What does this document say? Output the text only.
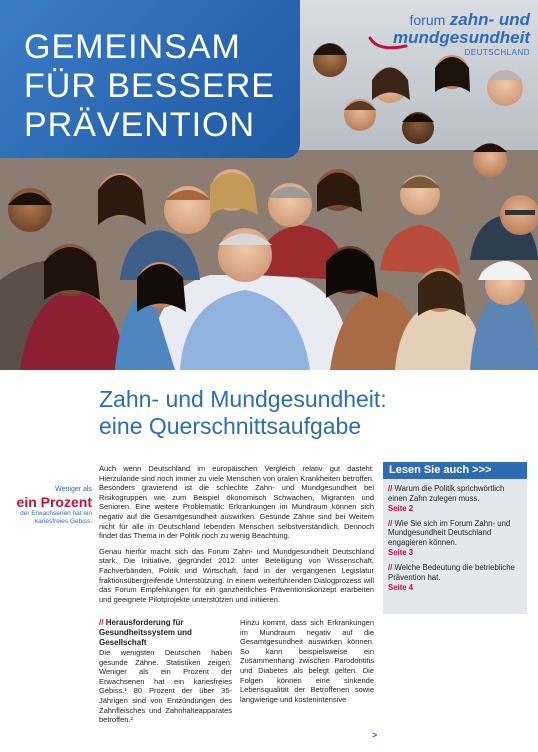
GEMEINSAM
FÜR BESSERE
PRÄVENTION
forum zahn- und
mundgesundheit
DEUTSCHLAND
Zahn- und Mundgesundheit:
eine Querschnittsaufgabe
Weniger als
ein Prozent
der Erwachsenen hat ein kariesfreies Gebiss.

Auch wenn Deutschland im europäischen Vergleich relativ gut dasteht: Hierzulande sind noch immer zu viele Menschen von oralen Krankheiten betroffen. Besonders gravierend ist die schlechte Zahn- und Mundgesundheit bei Risikogruppen wie zum Beispiel ökonomisch Schwachen, Migranten und Senioren. Eine weitere Problematik: Erkrankungen im Mundraum können sich negativ auf die Gesamtgesundheit auswirken. Gesunde Zähne sind bei Weitem nicht für alle in Deutschland lebenden Menschen selbstverständlich. Dennoch findet das Thema in der Politik noch zu wenig Beachtung.

Genau hierfür macht sich das Forum Zahn- und Mundgesundheit Deutschland stark. Die Initiative, gegründet 2012 unter Beteiligung von Wissenschaft, Fachverbänden, Politik und Wirtschaft, fand in der vergangenen Legislatur fraktionsübergreifende Unterstützung. In einem weiterführenden Dialogprozess will das Forum Empfehlungen für ein ganzheitliches Präventionskonzept erarbeiten und geeignete Pilotprojekte unterstützen und initiieren.

// Herausforderung für Gesundheitssystem und Gesellschaft

Die wenigsten Deutschen haben gesunde Zähne. Statistiken zeigen: Weniger als ein Prozent der Erwachsenen hat ein kariesfreies Gebiss.¹ 80 Prozent der über 35-Jährigen sind von Entzündungen des Zahnfleisches und Zahnhalteapparates betroffen.²

Hinzu kommt, dass sich Erkrankungen im Mundraum negativ auf die Gesamtgesundheit auswirken können. So kann beispielsweise ein Zusammenhang zwischen Parodontitis und Diabetes als belegt gelten. Die Folgen können eine sinkende Lebensqualität der Betroffenen sowie langwierige und kostenintensive

>
Lesen Sie auch >>>
// Warum die Politik sprichwörtlich einen Zahn zulegen muss.
Seite 2
// Wie Sie sich im Forum Zahn- und Mundgesundheit Deutschland engagieren können.
Seite 3
// Welche Bedeutung die betriebliche Prävention hat.
Seite 4
